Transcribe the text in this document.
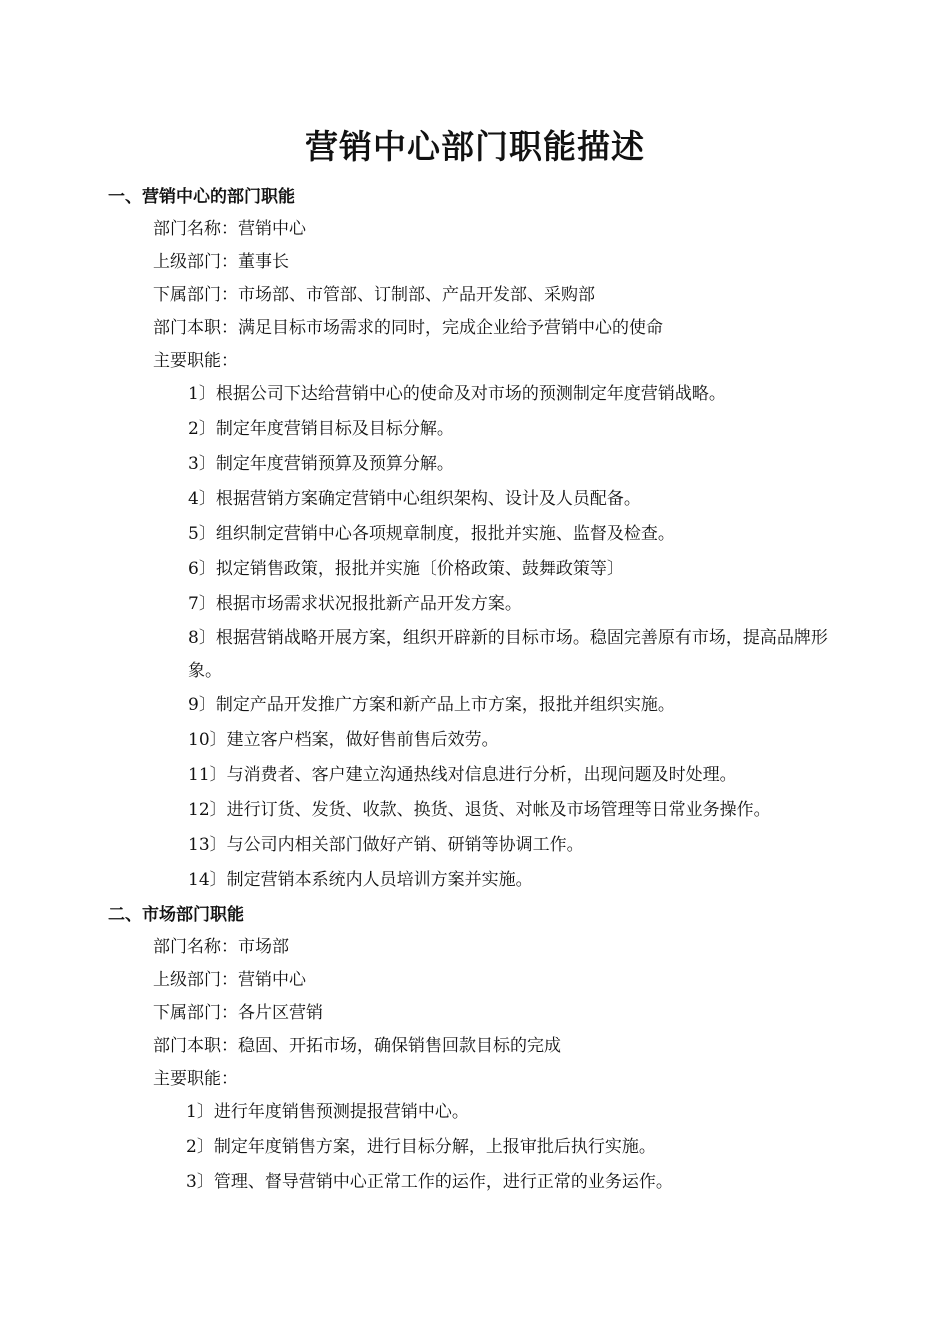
营销中心部门职能描述
一、营销中心的部门职能
部门名称：营销中心
上级部门：董事长
下属部门：市场部、市管部、订制部、产品开发部、采购部
部门本职：满足目标市场需求的同时，完成企业给予营销中心的使命
主要职能：
1〕根据公司下达给营销中心的使命及对市场的预测制定年度营销战略。
2〕制定年度营销目标及目标分解。
3〕制定年度营销预算及预算分解。
4〕根据营销方案确定营销中心组织架构、设计及人员配备。
5〕组织制定营销中心各项规章制度，报批并实施、监督及检查。
6〕拟定销售政策，报批并实施〔价格政策、鼓舞政策等〕
7〕根据市场需求状况报批新产品开发方案。
8〕根据营销战略开展方案，组织开辟新的目标市场。稳固完善原有市场，提高品牌形象。
9〕制定产品开发推广方案和新产品上市方案，报批并组织实施。
10〕建立客户档案，做好售前售后效劳。
11〕与消费者、客户建立沟通热线对信息进行分析，出现问题及时处理。
12〕进行订货、发货、收款、换货、退货、对帐及市场管理等日常业务操作。
13〕与公司内相关部门做好产销、研销等协调工作。
14〕制定营销本系统内人员培训方案并实施。
二、市场部门职能
部门名称：市场部
上级部门：营销中心
下属部门：各片区营销
部门本职：稳固、开拓市场，确保销售回款目标的完成
主要职能：
1〕进行年度销售预测提报营销中心。
2〕制定年度销售方案，进行目标分解，上报审批后执行实施。
3〕管理、督导营销中心正常工作的运作，进行正常的业务运作。
